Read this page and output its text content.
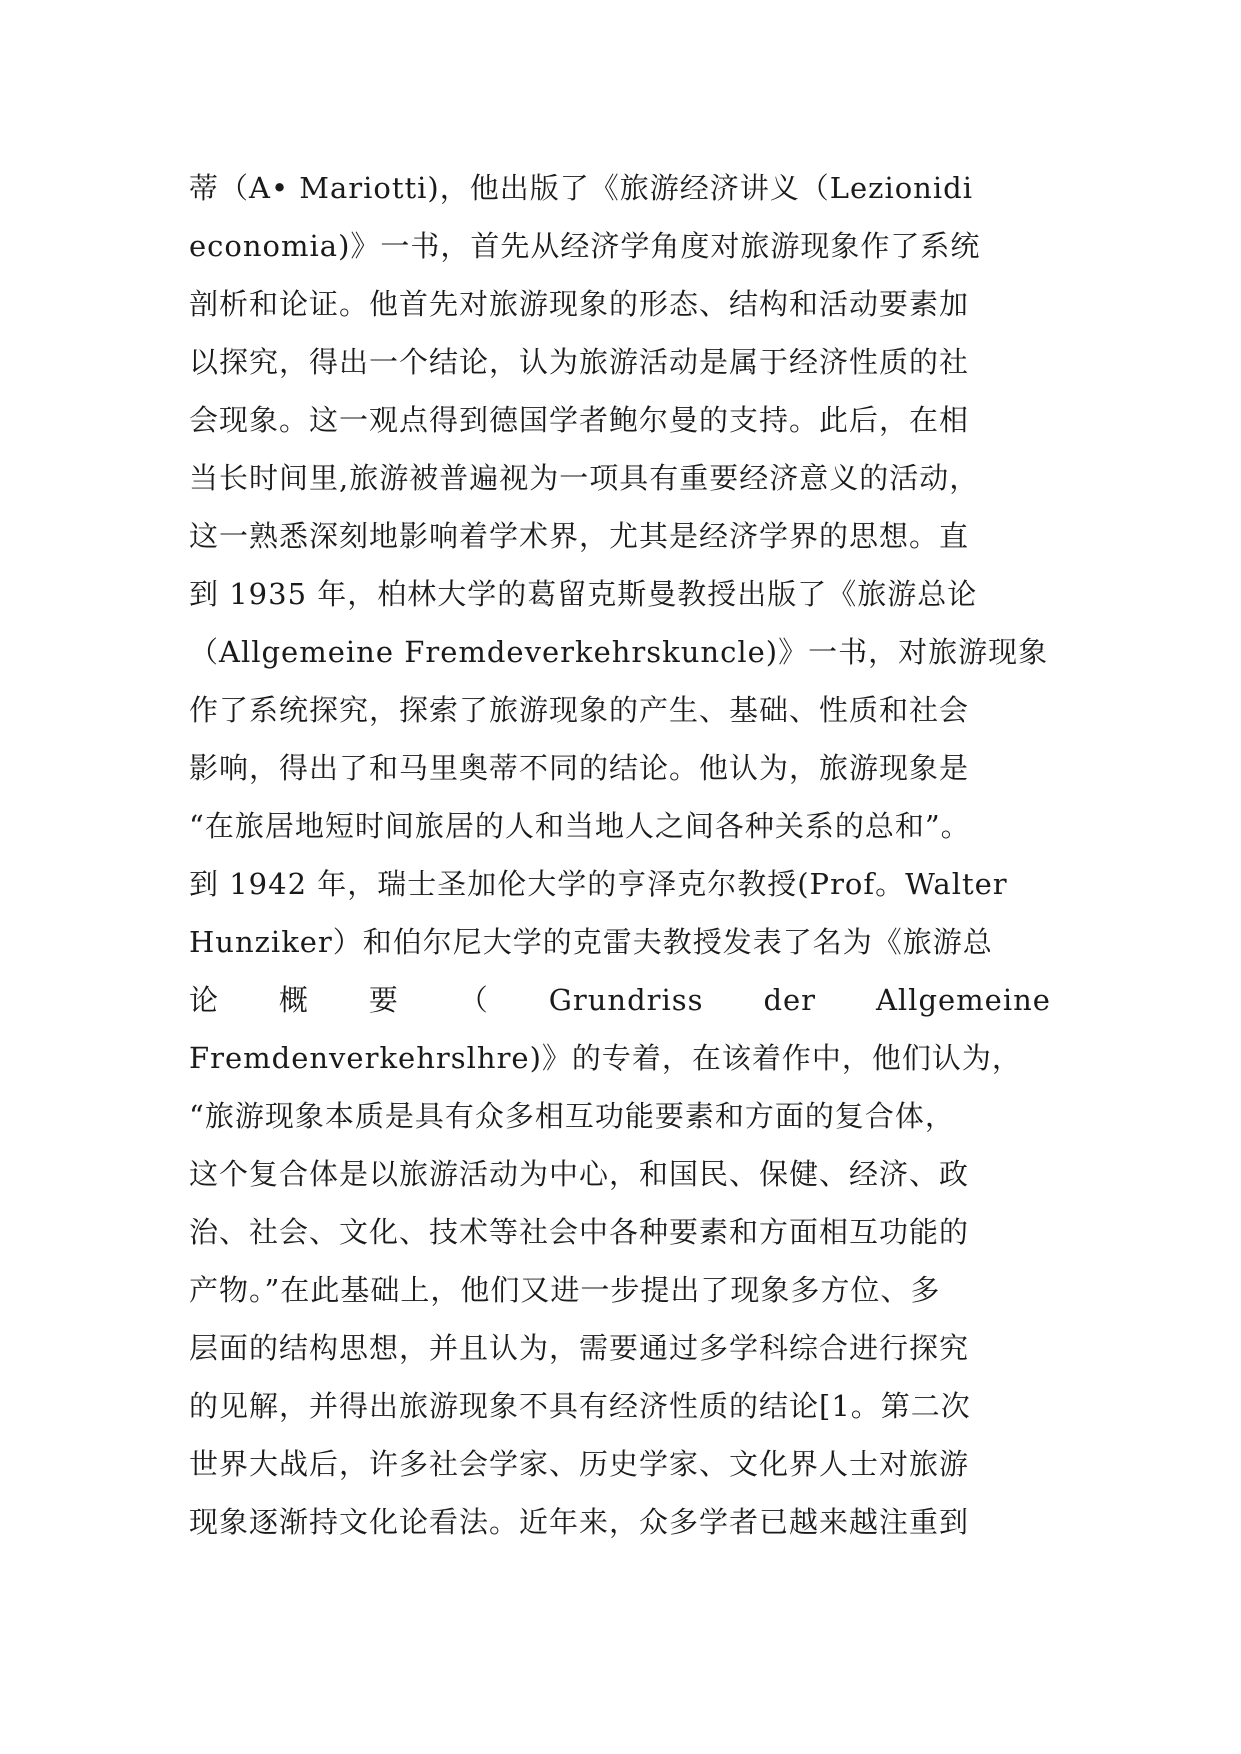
蒂（A• Mariotti)，他出版了《旅游经济讲义（Lezionidi
economia)》一书，首先从经济学角度对旅游现象作了系统
剖析和论证。他首先对旅游现象的形态、结构和活动要素加
以探究，得出一个结论，认为旅游活动是属于经济性质的社
会现象。这一观点得到德国学者鲍尔曼的支持。此后，在相
当长时间里,旅游被普遍视为一项具有重要经济意义的活动，
这一熟悉深刻地影响着学术界，尤其是经济学界的思想。直
到 1935 年，柏林大学的葛留克斯曼教授出版了《旅游总论
（Allgemeine Fremdeverkehrskuncle)》一书，对旅游现象
作了系统探究，探索了旅游现象的产生、基础、性质和社会
影响，得出了和马里奥蒂不同的结论。他认为，旅游现象是
“在旅居地短时间旅居的人和当地人之间各种关系的总和”。
到 1942 年，瑞士圣加伦大学的亨泽克尔教授(Prof。Walter
Hunziker）和伯尔尼大学的克雷夫教授发表了名为《旅游总
论 概 要 （ Grundriss der Allgemeine
Fremdenverkehrslhre)》的专着，在该着作中，他们认为，
“旅游现象本质是具有众多相互功能要素和方面的复合体，
这个复合体是以旅游活动为中心，和国民、保健、经济、政
治、社会、文化、技术等社会中各种要素和方面相互功能的
产物。”在此基础上，他们又进一步提出了现象多方位、多
层面的结构思想，并且认为，需要通过多学科综合进行探究
的见解，并得出旅游现象不具有经济性质的结论[1。第二次
世界大战后，许多社会学家、历史学家、文化界人士对旅游
现象逐渐持文化论看法。近年来，众多学者已越来越注重到
